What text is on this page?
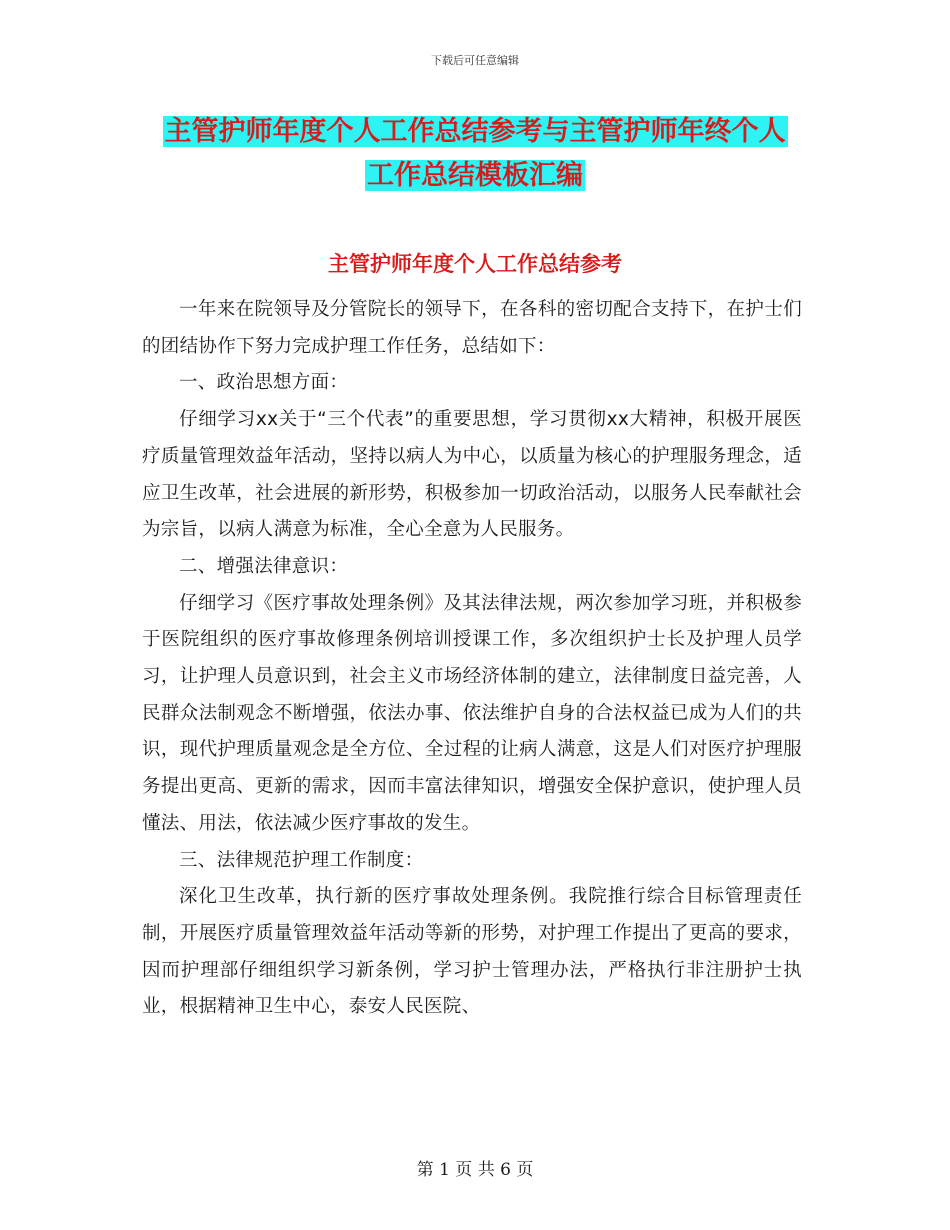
下载后可任意编辑
主管护师年度个人工作总结参考与主管护师年终个人
工作总结模板汇编
主管护师年度个人工作总结参考

一年来在院领导及分管院长的领导下，在各科的密切配合支持下，在护士们的团结协作下努力完成护理工作任务，总结如下：

一、政治思想方面：

仔细学习xx关于“三个代表”的重要思想，学习贯彻xx大精神，积极开展医疗质量管理效益年活动，坚持以病人为中心，以质量为核心的护理服务理念，适应卫生改革，社会进展的新形势，积极参加一切政治活动，以服务人民奉献社会为宗旨，以病人满意为标准，全心全意为人民服务。

二、增强法律意识：

仔细学习《医疗事故处理条例》及其法律法规，两次参加学习班，并积极参于医院组织的医疗事故修理条例培训授课工作，多次组织护士长及护理人员学习，让护理人员意识到，社会主义市场经济体制的建立，法律制度日益完善，人民群众法制观念不断增强，依法办事、依法维护自身的合法权益已成为人们的共识，现代护理质量观念是全方位、全过程的让病人满意，这是人们对医疗护理服务提出更高、更新的需求，因而丰富法律知识，增强安全保护意识，使护理人员懂法、用法，依法减少医疗事故的发生。

三、法律规范护理工作制度：

深化卫生改革，执行新的医疗事故处理条例。我院推行综合目标管理责任制，开展医疗质量管理效益年活动等新的形势，对护理工作提出了更高的要求，因而护理部仔细组织学习新条例，学习护士管理办法，严格执行非注册护士执业，根据精神卫生中心，泰安人民医院、

第 1 页 共 6 页
